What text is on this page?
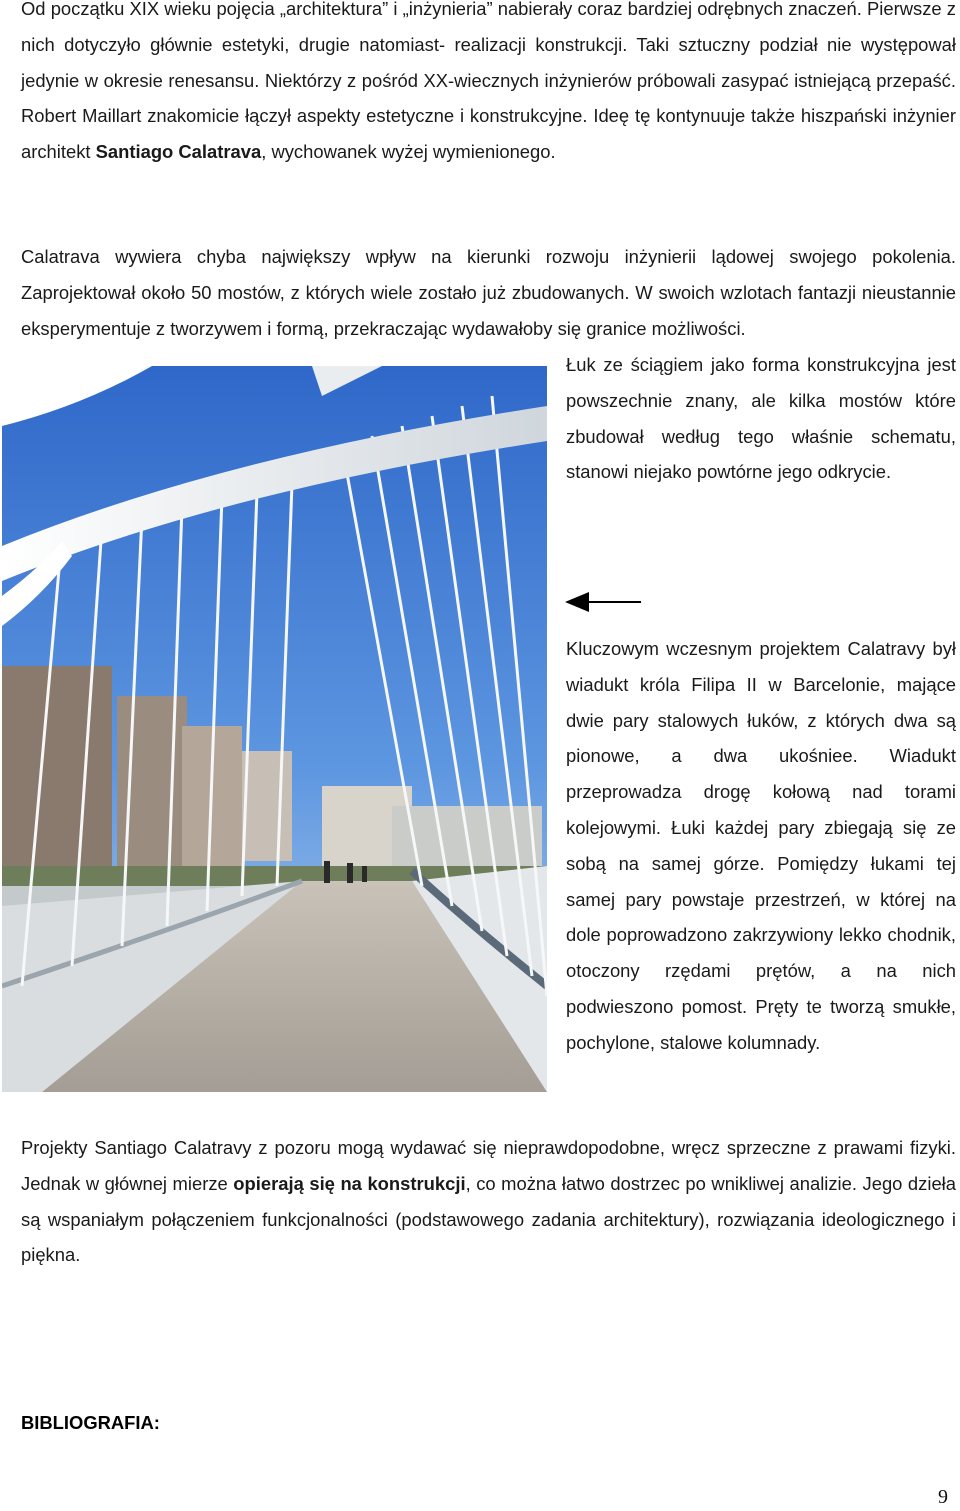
Od początku XIX wieku pojęcia „architektura” i „inżynieria” nabierały coraz bardziej odrębnych znaczeń. Pierwsze z nich dotyczyło głównie estetyki, drugie natomiast- realizacji konstrukcji. Taki sztuczny podział nie występował jedynie w okresie renesansu. Niektórzy z pośród XX-wiecznych inżynierów próbowali zasypać istniejącą przepaść. Robert Maillart znakomicie łączył aspekty estetyczne i konstrukcyjne. Ideę tę kontynuuje także hiszpański inżynier architekt Santiago Calatrava, wychowanek wyżej wymienionego.

Calatrava wywiera chyba największy wpływ na kierunki rozwoju inżynierii lądowej swojego pokolenia. Zaprojektował około 50 mostów, z których wiele zostało już zbudowanych. W swoich wzlotach fantazji nieustannie eksperymentuje z tworzywem i formą, przekraczając wydawałoby się granice możliwości.

Łuk ze ściągiem jako forma konstrukcyjna jest powszechnie znany, ale kilka mostów które zbudował według tego właśnie schematu, stanowi niejako powtórne jego odkrycie.

Kluczowym wczesnym projektem Calatravy był wiadukt króla Filipa II w Barcelonie, mające dwie pary stalowych łuków, z których dwa są pionowe, a dwa ukośniee. Wiadukt przeprowadza drogę kołową nad torami kolejowymi. Łuki każdej pary zbiegają się ze sobą na samej górze. Pomiędzy łukami tej samej pary powstaje przestrzeń, w której na dole poprowadzono zakrzywiony lekko chodnik, otoczony rzędami prętów, a na nich podwieszono pomost. Pręty te tworzą smukłe, pochylone, stalowe kolumnady.

Projekty Santiago Calatravy z pozoru mogą wydawać się nieprawdopodobne, wręcz sprzeczne z prawami fizyki. Jednak w głównej mierze opierają się na konstrukcji, co można łatwo dostrzec po wnikliwej analizie. Jego dzieła są wspaniałym połączeniem funkcjonalności (podstawowego zadania architektury), rozwiązania ideologicznego i piękna.

BIBLIOGRAFIA:

9
